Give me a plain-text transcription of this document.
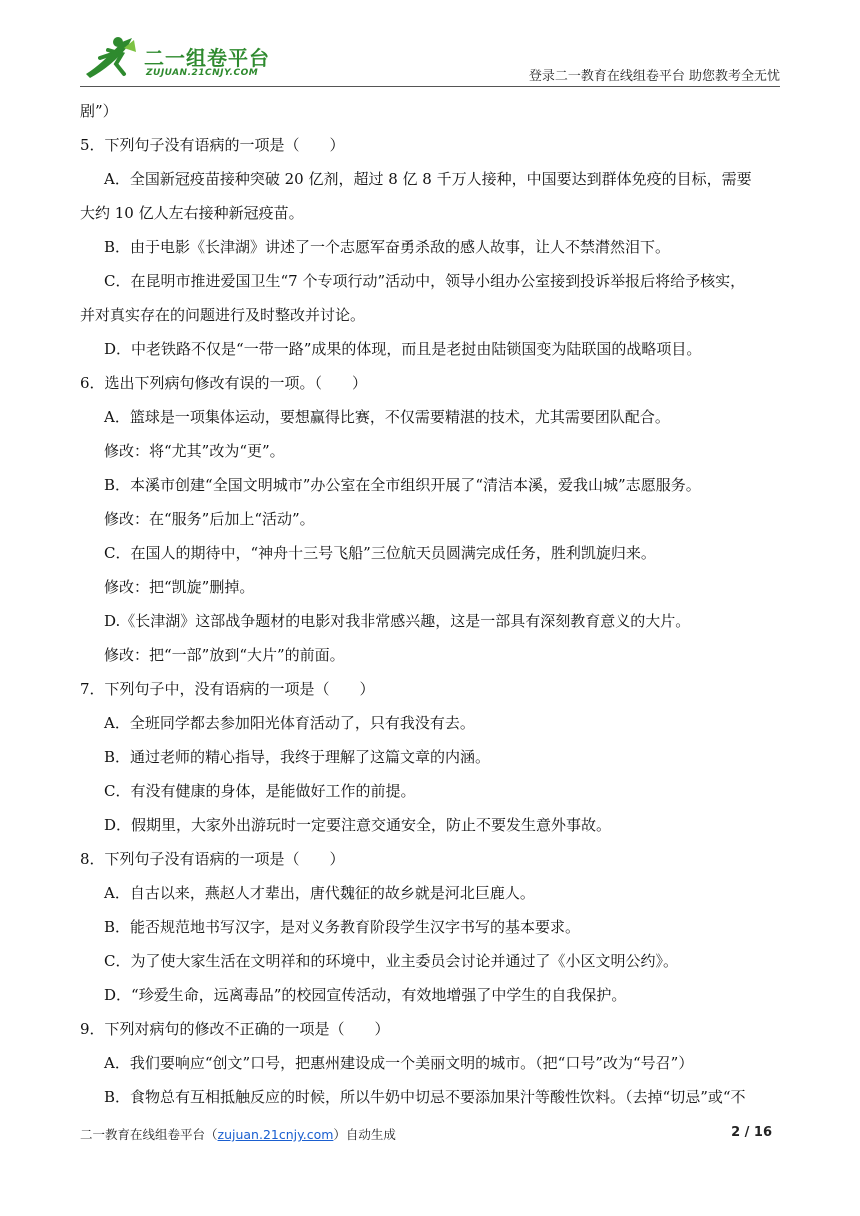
二一组卷平台
ZUJUAN.21CNJY.COM	登录二一教育在线组卷平台 助您教考全无忧
剧”）
5．下列句子没有语病的一项是（　　）
A．全国新冠疫苗接种突破 20 亿剂，超过 8 亿 8 千万人接种，中国要达到群体免疫的目标，需要
大约 10 亿人左右接种新冠疫苗。
B．由于电影《长津湖》讲述了一个志愿军奋勇杀敌的感人故事，让人不禁潸然泪下。
C．在昆明市推进爱国卫生“7 个专项行动”活动中，领导小组办公室接到投诉举报后将给予核实，
并对真实存在的问题进行及时整改并讨论。
D．中老铁路不仅是“一带一路”成果的体现，而且是老挝由陆锁国变为陆联国的战略项目。
6．选出下列病句修改有误的一项。（　　）
A．篮球是一项集体运动，要想赢得比赛，不仅需要精湛的技术，尤其需要团队配合。
修改：将“尤其”改为“更”。
B．本溪市创建“全国文明城市”办公室在全市组织开展了“清洁本溪，爱我山城”志愿服务。
修改：在“服务”后加上“活动”。
C．在国人的期待中，“神舟十三号飞船”三位航天员圆满完成任务，胜利凯旋归来。
修改：把“凯旋”删掉。
D.《长津湖》这部战争题材的电影对我非常感兴趣，这是一部具有深刻教育意义的大片。
修改：把“一部”放到“大片”的前面。
7．下列句子中，没有语病的一项是（　　）
A．全班同学都去参加阳光体育活动了，只有我没有去。
B．通过老师的精心指导，我终于理解了这篇文章的内涵。
C．有没有健康的身体，是能做好工作的前提。
D．假期里，大家外出游玩时一定要注意交通安全，防止不要发生意外事故。
8．下列句子没有语病的一项是（　　）
A．自古以来，燕赵人才辈出，唐代魏征的故乡就是河北巨鹿人。
B．能否规范地书写汉字，是对义务教育阶段学生汉字书写的基本要求。
C．为了使大家生活在文明祥和的环境中，业主委员会讨论并通过了《小区文明公约》。
D．“珍爱生命，远离毒品”的校园宣传活动，有效地增强了中学生的自我保护。
9．下列对病句的修改不正确的一项是（　　）
A．我们要响应“创文”口号，把惠州建设成一个美丽文明的城市。（把“口号”改为“号召”）
B．食物总有互相抵触反应的时候，所以牛奶中切忌不要添加果汁等酸性饮料。（去掉“切忌”或“不
二一教育在线组卷平台（zujuan.21cnjy.com）自动生成	2 / 16
